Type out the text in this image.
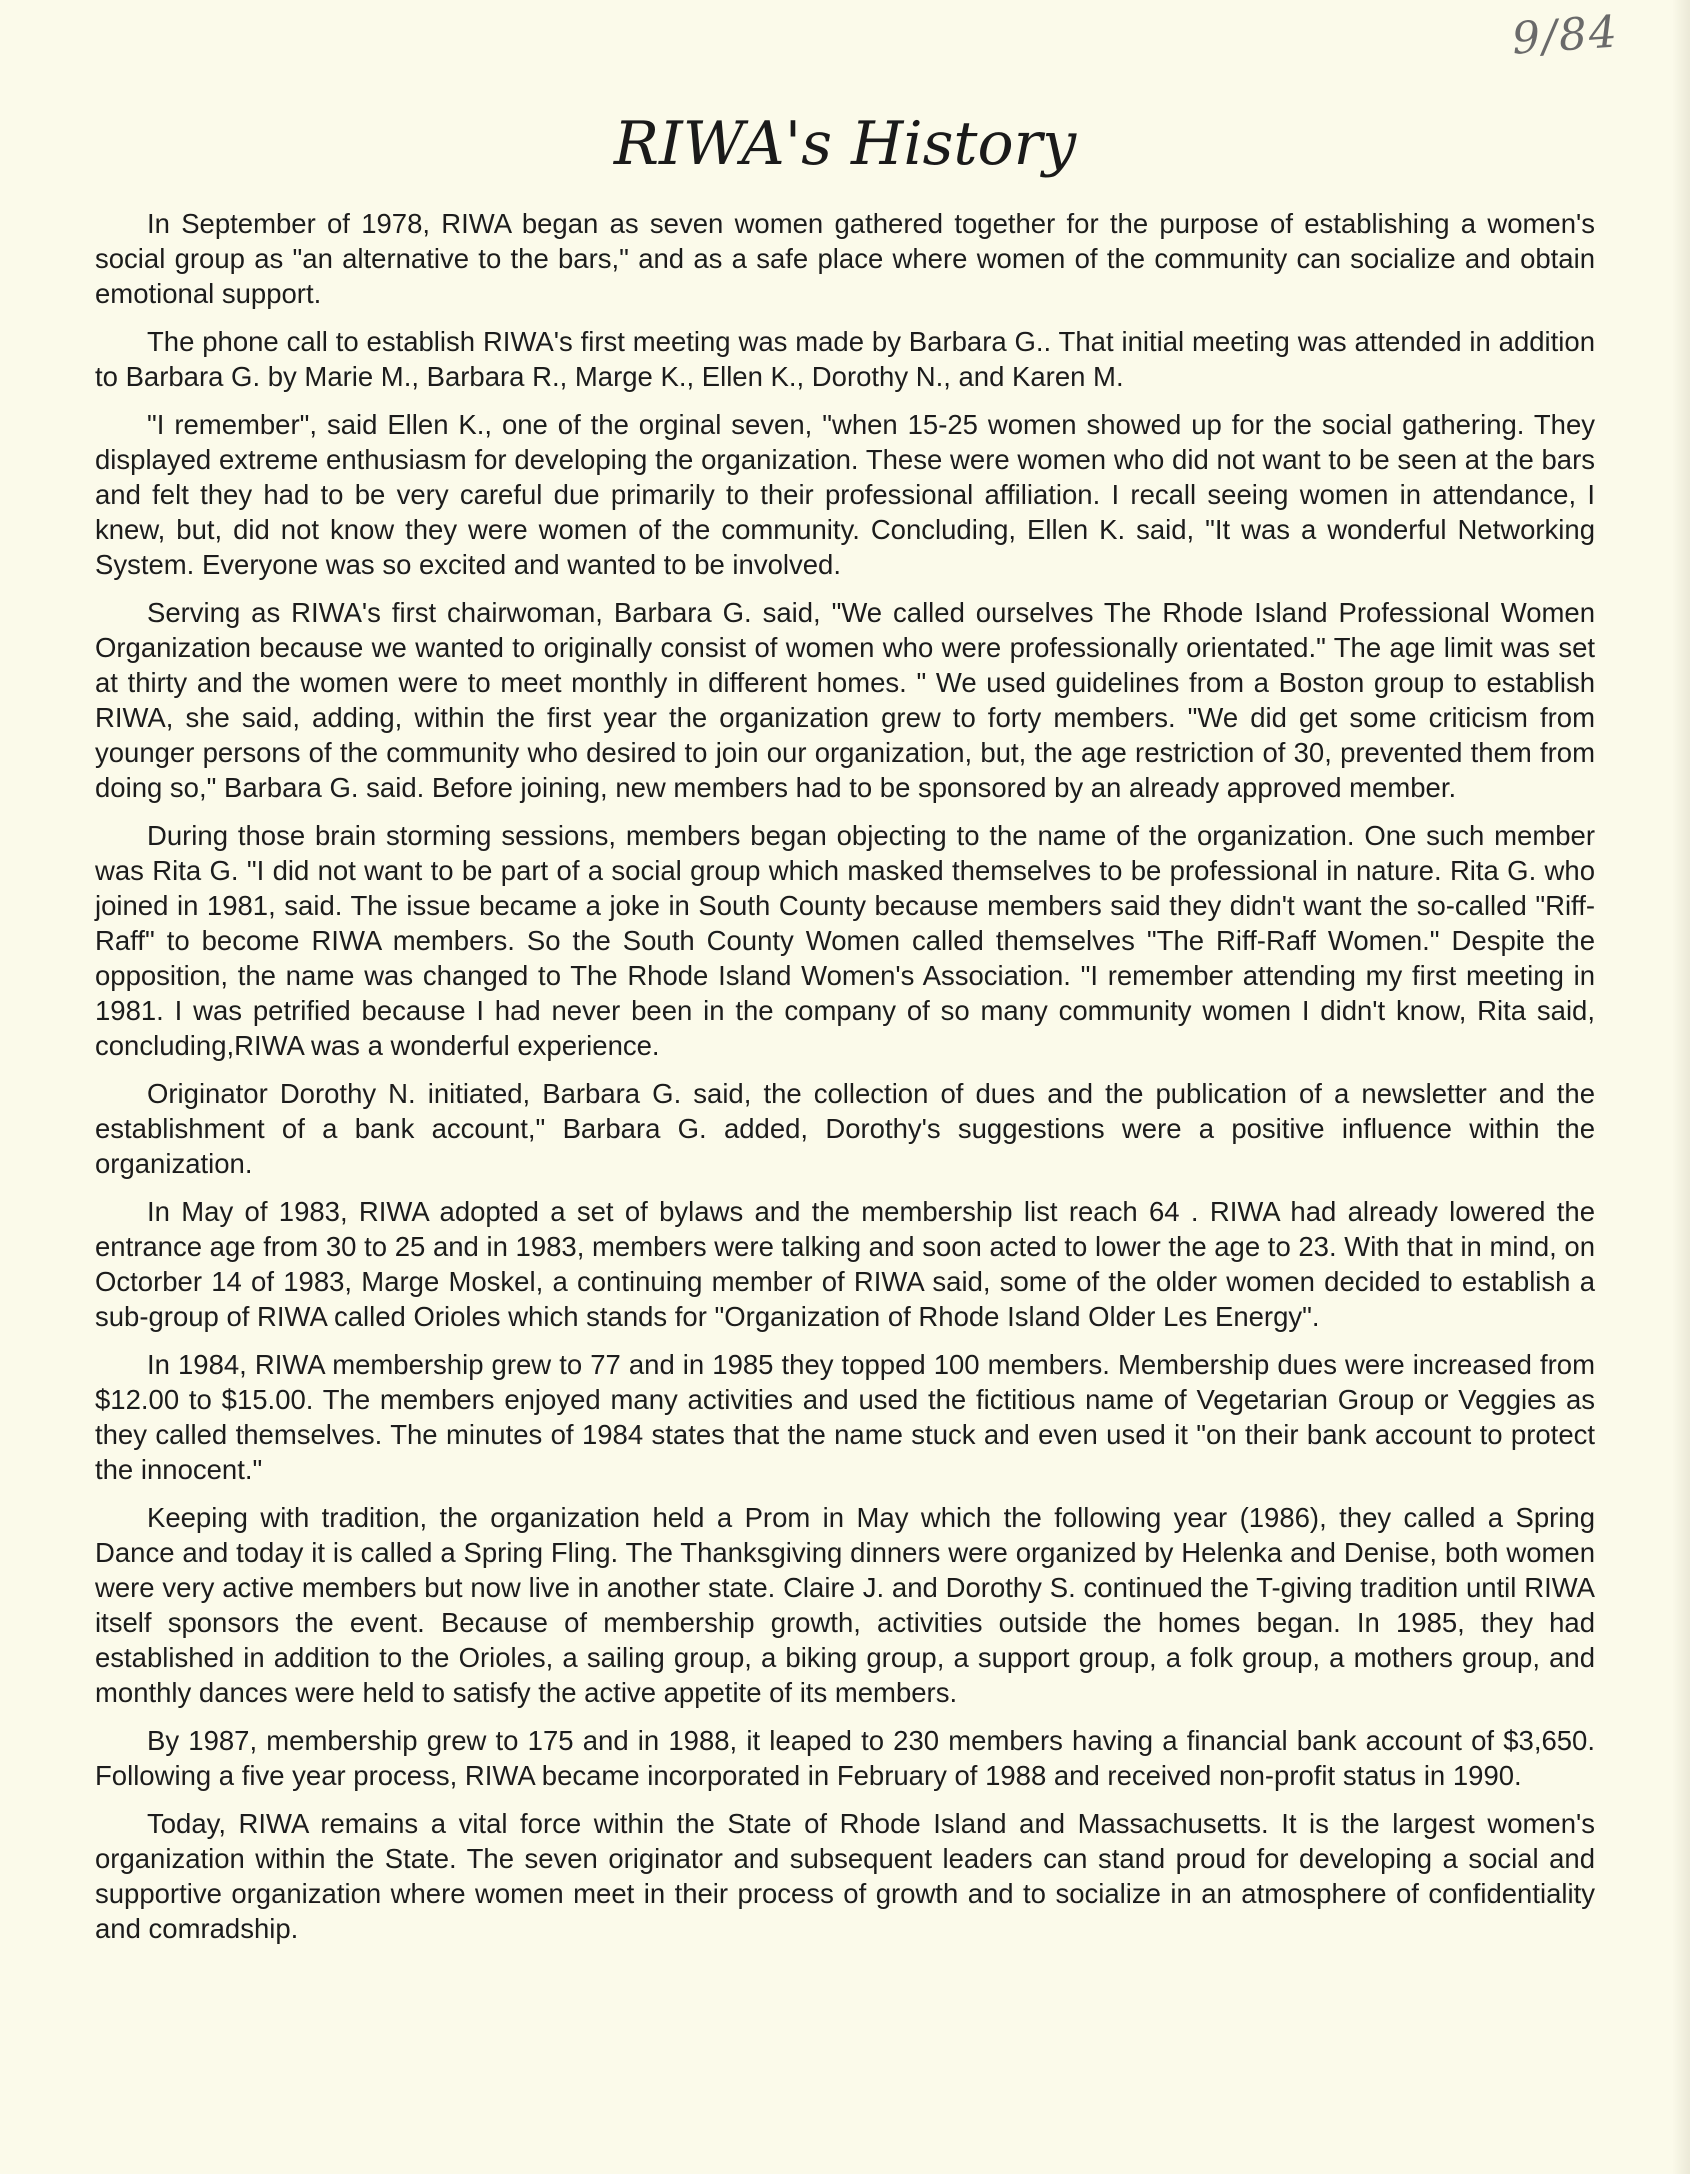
9/84
RIWA's History

In September of 1978, RIWA began as seven women gathered together for the purpose of establishing a women's social group as "an alternative to the bars," and as a safe place where women of the community can socialize and obtain emotional support.

The phone call to establish RIWA's first meeting was made by Barbara G.. That initial meeting was attended in addition to Barbara G. by Marie M., Barbara R., Marge K., Ellen K., Dorothy N., and Karen M.

"I remember", said Ellen K., one of the orginal seven, "when 15-25 women showed up for the social gathering. They displayed extreme enthusiasm for developing the organization. These were women who did not want to be seen at the bars and felt they had to be very careful due primarily to their professional affiliation. I recall seeing women in attendance, I knew, but, did not know they were women of the community. Concluding, Ellen K. said, "It was a wonderful Networking System. Everyone was so excited and wanted to be involved.

Serving as RIWA's first chairwoman, Barbara G. said, "We called ourselves The Rhode Island Professional Women Organization because we wanted to originally consist of women who were professionally orientated." The age limit was set at thirty and the women were to meet monthly in different homes. " We used guidelines from a Boston group to establish RIWA, she said, adding, within the first year the organization grew to forty members. "We did get some criticism from younger persons of the community who desired to join our organization, but, the age restriction of 30, prevented them from doing so," Barbara G. said. Before joining, new members had to be sponsored by an already approved member.

During those brain storming sessions, members began objecting to the name of the organization. One such member was Rita G. "I did not want to be part of a social group which masked themselves to be professional in nature. Rita G. who joined in 1981, said. The issue became a joke in South County because members said they didn't want the so-called "Riff-Raff" to become RIWA members. So the South County Women called themselves "The Riff-Raff Women." Despite the opposition, the name was changed to The Rhode Island Women's Association. "I remember attending my first meeting in 1981. I was petrified because I had never been in the company of so many community women I didn't know, Rita said, concluding,RIWA was a wonderful experience.

Originator Dorothy N. initiated, Barbara G. said, the collection of dues and the publication of a newsletter and the establishment of a bank account," Barbara G. added, Dorothy's suggestions were a positive influence within the organization.

In May of 1983, RIWA adopted a set of bylaws and the membership list reach 64 . RIWA had already lowered the entrance age from 30 to 25 and in 1983, members were talking and soon acted to lower the age to 23. With that in mind, on Octorber 14 of 1983, Marge Moskel, a continuing member of RIWA said, some of the older women decided to establish a sub-group of RIWA called Orioles which stands for "Organization of Rhode Island Older Les Energy".

In 1984, RIWA membership grew to 77 and in 1985 they topped 100 members. Membership dues were increased from $12.00 to $15.00. The members enjoyed many activities and used the fictitious name of Vegetarian Group or Veggies as they called themselves. The minutes of 1984 states that the name stuck and even used it "on their bank account to protect the innocent."

Keeping with tradition, the organization held a Prom in May which the following year (1986), they called a Spring Dance and today it is called a Spring Fling. The Thanksgiving dinners were organized by Helenka and Denise, both women were very active members but now live in another state. Claire J. and Dorothy S. continued the T-giving tradition until RIWA itself sponsors the event. Because of membership growth, activities outside the homes began. In 1985, they had established in addition to the Orioles, a sailing group, a biking group, a support group, a folk group, a mothers group, and monthly dances were held to satisfy the active appetite of its members.

By 1987, membership grew to 175 and in 1988, it leaped to 230 members having a financial bank account of $3,650. Following a five year process, RIWA became incorporated in February of 1988 and received non-profit status in 1990.

Today, RIWA remains a vital force within the State of Rhode Island and Massachusetts. It is the largest women's organization within the State. The seven originator and subsequent leaders can stand proud for developing a social and supportive organization where women meet in their process of growth and to socialize in an atmosphere of confidentiality and comradship.
